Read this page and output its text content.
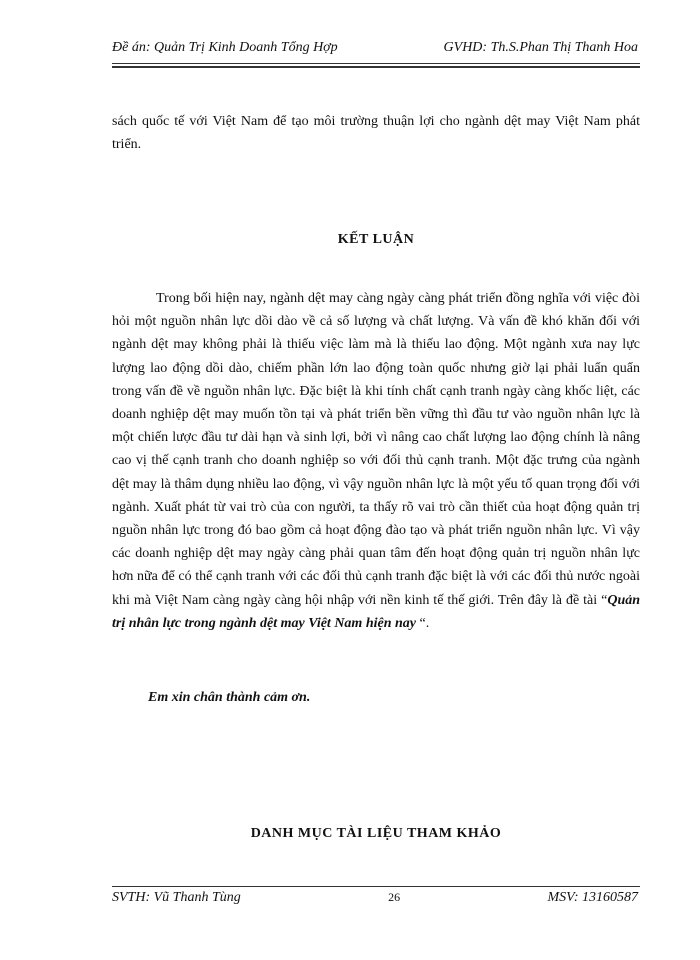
Đề án: Quản Trị Kinh Doanh Tổng Hợp	GVHD: Th.S.Phan Thị Thanh Hoa

sách quốc tế với Việt Nam để tạo môi trường thuận lợi cho ngành dệt may Việt Nam phát triển.

KẾT LUẬN

Trong bối hiện nay, ngành dệt may càng ngày càng phát triển đồng nghĩa với việc đòi hỏi một nguồn nhân lực dồi dào về cả số lượng và chất lượng. Và vấn đề khó khăn đối với ngành dệt may không phải là thiếu việc làm mà là thiếu lao động. Một ngành xưa nay lực lượng lao động dồi dào, chiếm phần lớn lao động toàn quốc nhưng giờ lại phải luẩn quẩn trong vấn đề về nguồn nhân lực. Đặc biệt là khi tính chất cạnh tranh ngày càng khốc liệt, các doanh nghiệp dệt may muốn tồn tại và phát triển bền vững thì đầu tư vào nguồn nhân lực là một chiến lược đầu tư dài hạn và sinh lợi, bởi vì nâng cao chất lượng lao động chính là nâng cao vị thế cạnh tranh cho doanh nghiệp so với đối thủ cạnh tranh. Một đặc trưng của ngành dệt may là thâm dụng nhiều lao động, vì vậy nguồn nhân lực là một yếu tố quan trọng đối với ngành. Xuất phát từ vai trò của con người, ta thấy rõ vai trò cần thiết của hoạt động quản trị nguồn nhân lực trong đó bao gồm cả hoạt động đào tạo và phát triển nguồn nhân lực. Vì vậy các doanh nghiệp dệt may ngày càng phải quan tâm đến hoạt động quản trị nguồn nhân lực hơn nữa để có thể cạnh tranh với các đối thủ cạnh tranh đặc biệt là với các đối thủ nước ngoài khi mà Việt Nam càng ngày càng hội nhập với nền kinh tế thế giới. Trên đây là đề tài “Quản trị nhân lực trong ngành dệt may Việt Nam hiện nay “.

Em xin chân thành cảm ơn.

DANH MỤC TÀI LIỆU THAM KHẢO

SVTH: Vũ Thanh Tùng	26	MSV: 13160587
